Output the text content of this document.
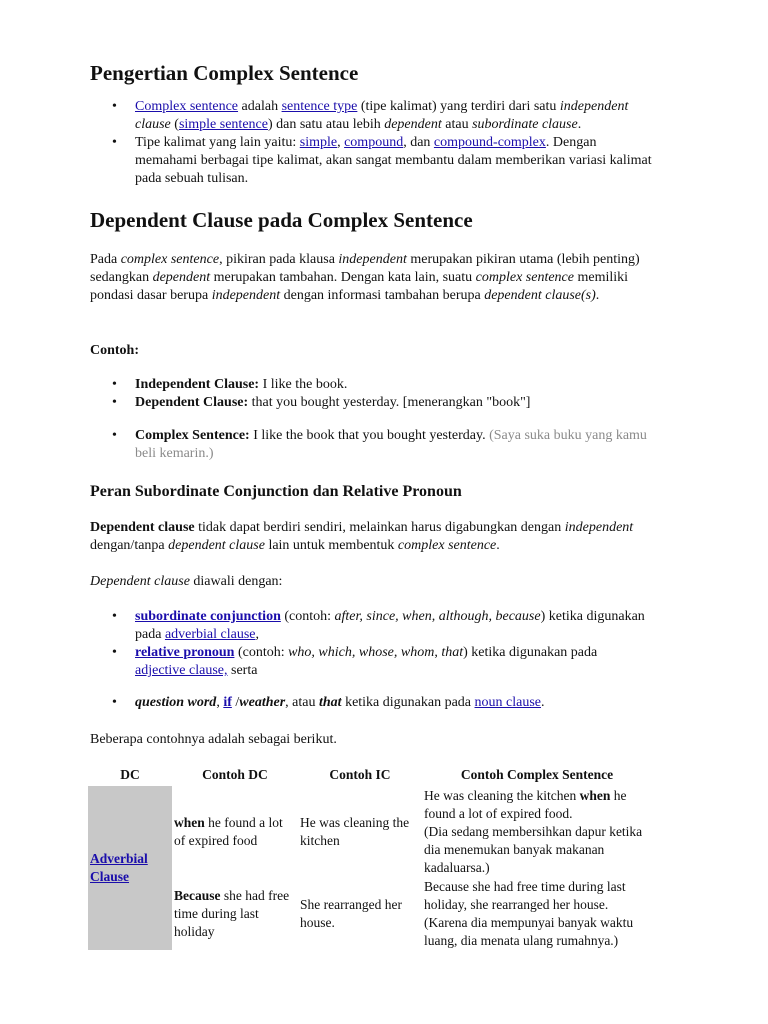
Pengertian Complex Sentence
• Complex sentence adalah sentence type (tipe kalimat) yang terdiri dari satu independent clause (simple sentence) dan satu atau lebih dependent atau subordinate clause.
• Tipe kalimat yang lain yaitu: simple, compound, dan compound-complex. Dengan memahami berbagai tipe kalimat, akan sangat membantu dalam memberikan variasi kalimat pada sebuah tulisan.
Dependent Clause pada Complex Sentence

Pada complex sentence, pikiran pada klausa independent merupakan pikiran utama (lebih penting) sedangkan dependent merupakan tambahan. Dengan kata lain, suatu complex sentence memiliki pondasi dasar berupa independent dengan informasi tambahan berupa dependent clause(s).

Contoh:
• Independent Clause: I like the book.
• Dependent Clause: that you bought yesterday. [menerangkan "book"]
• Complex Sentence: I like the book that you bought yesterday. (Saya suka buku yang kamu beli kemarin.)
Peran Subordinate Conjunction dan Relative Pronoun

Dependent clause tidak dapat berdiri sendiri, melainkan harus digabungkan dengan independent dengan/tanpa dependent clause lain untuk membentuk complex sentence.

Dependent clause diawali dengan:

• subordinate conjunction (contoh: after, since, when, although, because) ketika digunakan pada adverbial clause,
• relative pronoun (contoh: who, which, whose, whom, that) ketika digunakan pada adjective clause, serta
• question word, if /weather, atau that ketika digunakan pada noun clause.

Beberapa contohnya adalah sebagai berikut.

DC	Contoh DC	Contoh IC	Contoh Complex Sentence
Adverbial Clause	when he found a lot of expired food	He was cleaning the kitchen	He was cleaning the kitchen when he found a lot of expired food.
(Dia sedang membersihkan dapur ketika dia menemukan banyak makanan kadaluarsa.)
	Because she had free time during last holiday	She rearranged her house.	Because she had free time during last holiday, she rearranged her house.
(Karena dia mempunyai banyak waktu luang, dia menata ulang rumahnya.)
